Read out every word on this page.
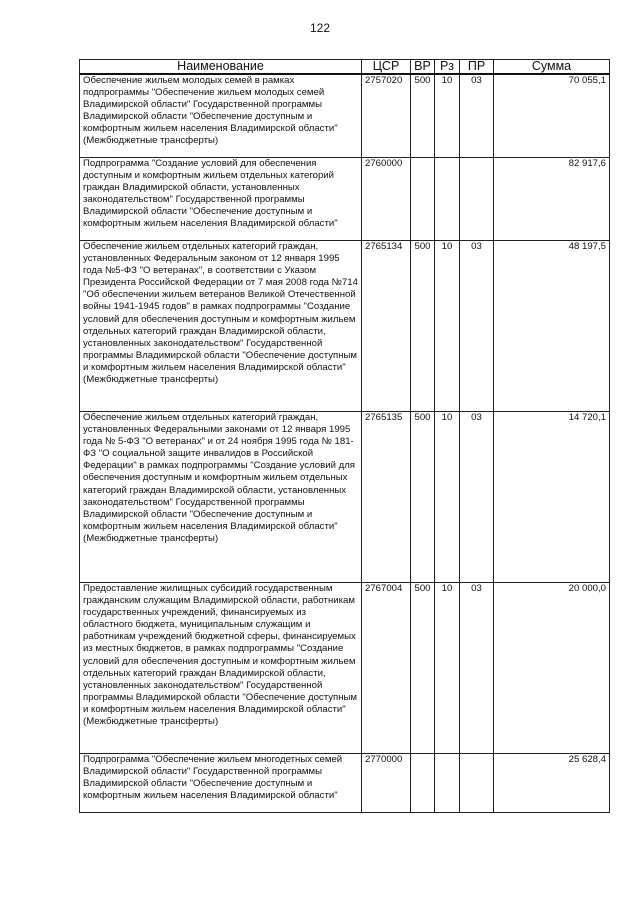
122
Наименование	ЦСР	ВР	Рз	ПР	Сумма
Обеспечение жильем молодых семей в рамках подпрограммы "Обеспечение жильем молодых семей Владимирской области" Государственной программы Владимирской области "Обеспечение доступным и комфортным жильем населения Владимирской области" (Межбюджетные трансферты)	2757020	500	10	03	70 055,1
Подпрограмма "Создание условий для обеспечения доступным и комфортным жильем отдельных категорий граждан Владимирской области, установленных законодательством" Государственной программы Владимирской области "Обеспечение доступным и комфортным жильем населения Владимирской области"	2760000				82 917,6
Обеспечение жильем отдельных категорий граждан, установленных Федеральным законом от 12 января 1995 года №5-ФЗ "О ветеранах", в соответствии с Указом Президента Российской Федерации от 7 мая 2008 года №714 "Об обеспечении жильем ветеранов Великой Отечественной войны 1941-1945 годов" в рамках подпрограммы "Создание условий для обеспечения доступным и комфортным жильем отдельных категорий граждан Владимирской области, установленных законодательством" Государственной программы Владимирской области "Обеспечение доступным и комфортным жильем населения Владимирской области" (Межбюджетные трансферты)	2765134	500	10	03	48 197,5
Обеспечение жильем отдельных категорий граждан, установленных Федеральными законами от 12 января 1995 года № 5-ФЗ "О ветеранах" и от 24 ноября 1995 года № 181-ФЗ "О социальной защите инвалидов в Российской Федерации" в рамках подпрограммы "Создание условий для обеспечения доступным и комфортным жильем отдельных категорий граждан Владимирской области, установленных законодательством" Государственной программы Владимирской области "Обеспечение доступным и комфортным жильем населения Владимирской области" (Межбюджетные трансферты)	2765135	500	10	03	14 720,1
Предоставление жилищных субсидий государственным гражданским служащим Владимирской области, работникам государственных учреждений, финансируемых из областного бюджета, муниципальным служащим и работникам учреждений бюджетной сферы, финансируемых из местных бюджетов, в рамках подпрограммы "Создание условий для обеспечения доступным и комфортным жильем отдельных категорий граждан Владимирской области, установленных законодательством" Государственной программы Владимирской области "Обеспечение доступным и комфортным жильем населения Владимирской области" (Межбюджетные трансферты)	2767004	500	10	03	20 000,0
Подпрограмма "Обеспечение жильем многодетных семей Владимирской области" Государственной программы Владимирской области "Обеспечение доступным и комфортным жильем населения Владимирской области"	2770000				25 628,4
